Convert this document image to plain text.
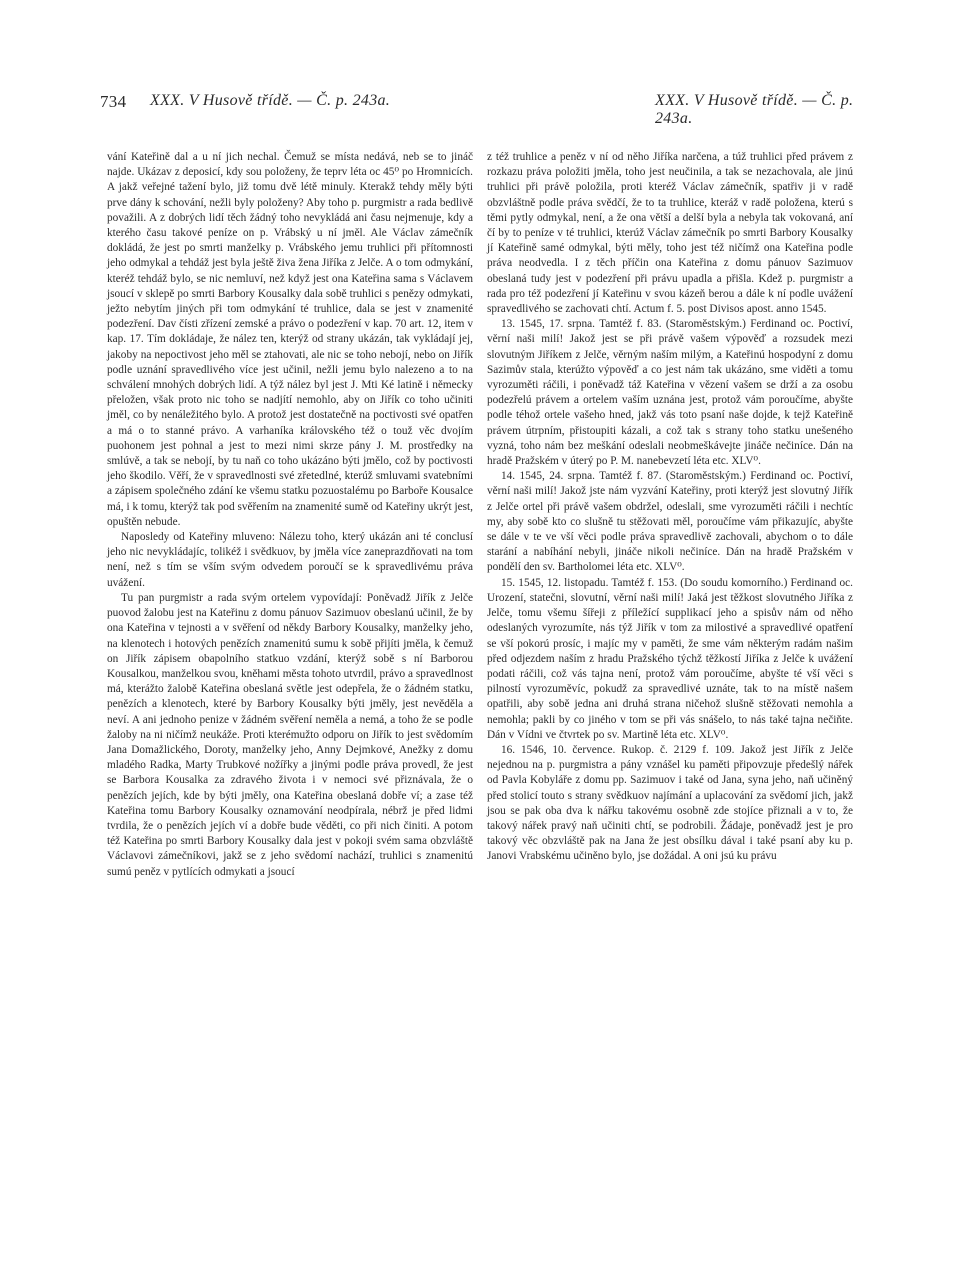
734 XXX. V Husově třídě. — Č. p. 243a.	XXX. V Husově třídě. — Č. p. 243a.

vání Kateřině dal a u ní jich nechal. Čemuž se místa nedává, neb se to jináč najde. Ukázav z deposicí, kdy sou položeny, že teprv léta oc 45⁰ po Hromnicích. A jakž veřejné tažení bylo, již tomu dvě létě minuly. Kterakž tehdy měly býti prve dány k schování, nežli byly položeny? Aby toho p. purgmistr a rada bedlivě považili. A z dobrých lidí těch žádný toho nevykládá ani času nejmenuje, kdy a kterého času takové peníze on p. Vrábský u ní jměl. Ale Václav zámečník dokládá, že jest po smrti manželky p. Vrábského jemu truhlici při přítomnosti jeho odmykal a tehdáž jest byla ještě živa žena Jiříka z Jelče. A o tom odmykání, kteréž tehdáž bylo, se nic nemluví, než když jest ona Kateřina sama s Václavem jsoucí v sklepě po smrti Barbory Kousalky dala sobě truhlici s penězy odmykati, ježto nebytím jiných při tom odmykání té truhlice, dala se jest v znamenité podezření. Dav čísti zřízení zemské a právo o podezření v kap. 70 art. 12, item v kap. 17. Tím dokládaje, že nález ten, kterýž od strany ukázán, tak vykládají jej, jakoby na nepoctivost jeho měl se ztahovati, ale nic se toho nebojí, nebo on Jiřík podle uznání spravedlivého více jest učinil, nežli jemu bylo nalezeno a to na schválení mnohých dobrých lidí. A týž nález byl jest J. Mti Ké latině i německy přeložen, však proto nic toho se nadjítí nemohlo, aby on Jiřík co toho učiniti jměl, co by nenáležitého bylo. A protož jest dostatečně na poctivosti své opatřen a má o to stanné právo. A varhaníka královského též o touž věc dvojím puohonem jest pohnal a jest to mezi nimi skrze pány J. M. prostředky na smlúvě, a tak se nebojí, by tu naň co toho ukázáno býti jmělo, což by poctivosti jeho škodilo. Věří, že v spravedlnosti své zřetedlné, kterúž smluvami svatebními a zápisem společného zdání ke všemu statku pozuostalému po Barboře Kousalce má, i k tomu, kterýž tak pod svěřením na znamenité sumě od Kateřiny ukrýt jest, opuštěn nebude.

Naposledy od Kateřiny mluveno: Nálezu toho, který ukázán ani té conclusí jeho nic nevykládajíc, tolikéž i svědkuov, by jměla více zaneprazdňovati na tom není, než s tím se vším svým odvedem poroučí se k spravedlivému práva uvážení.

Tu pan purgmistr a rada svým ortelem vypovídají: Poněvadž Jiřík z Jelče puovod žalobu jest na Kateřinu z domu pánuov Sazimuov obeslanú učinil, že by ona Kateřina v tejnosti a v svěření od někdy Barbory Kousalky, manželky jeho, na klenotech i hotových penězích znamenitú sumu k sobě přijíti jměla, k čemuž on Jiřík zápisem obapolního statkuo vzdání, kterýž sobě s ní Barborou Kousalkou, manželkou svou, kněhami města tohoto utvrdil, právo a spravedlnost má, kterážto žalobě Kateřina obeslaná světle jest odepřela, že o žádném statku, penězích a klenotech, které by Barbory Kousalky býti jměly, jest nevěděla a neví. A ani jednoho penize v žádném svěření neměla a nemá, a toho že se podle žaloby na ni ničímž neukáže. Proti kterémužto odporu on Jiřík to jest svědomím Jana Domažlického, Doroty, manželky jeho, Anny Dejmkové, Anežky z domu mladého Radka, Marty Trubkové nožířky a jinými podle práva provedl, že jest se Barbora Kousalka za zdravého života i v nemoci své přiznávala, že o penězích jejích, kde by býti jměly, ona Kateřina obeslaná dobře ví; a zase též Kateřina tomu Barbory Kousalky oznamování neodpírala, nébrž je před lidmi tvrdila, že o penězích jejích ví a dobře bude věděti, co při nich činiti. A potom též Kateřina po smrti Barbory Kousalky dala jest v pokoji svém sama obzvláště Václavovi zámečníkovi, jakž se z jeho svědomí nachází, truhlici s znamenitú sumú peněz v pytlících odmykati a jsoucí

z též truhlice a peněz v ní od něho Jiříka narčena, a túž truhlici před právem z rozkazu práva položiti jměla, toho jest neučinila, a tak se nezachovala, ale jinú truhlici při právě položila, proti kteréž Václav zámečník, spatřiv ji v radě obzvláštně podle práva svědčí, že to ta truhlice, kteráž v radě položena, kterú s těmi pytly odmykal, není, a že ona větší a delší byla a nebyla tak vokovaná, aní čí by to peníze v té truhlici, kterúž Václav zámečník po smrti Barbory Kousalky jí Kateřině samé odmykal, býti měly, toho jest též ničímž ona Kateřina podle práva neodvedla. I z těch příčin ona Kateřina z domu pánuov Sazimuov obeslaná tudy jest v podezření při právu upadla a přišla. Kdež p. purgmistr a rada pro též podezření jí Kateřinu v svou kázeň berou a dále k ní podle uvážení spravedlivého se zachovati chtí. Actum f. 5. post Divisos apost. anno 1545.

13. 1545, 17. srpna. Tamtéž f. 83. (Staroměstským.) Ferdinand oc. Poctiví, věrní naši milí! Jakož jest se při právě vašem výpověď a rozsudek mezi slovutným Jiříkem z Jelče, věrným naším milým, a Kateřinú hospodyní z domu Sazimův stala, kterúžto výpověď a co jest nám tak ukázáno, sme viděti a tomu vyrozuměti ráčili, i poněvadž táž Kateřina v vězení vašem se drží a za osobu podezřelú právem a ortelem vaším uznána jest, protož vám poroučíme, abyšte podle téhož ortele vašeho hned, jakž vás toto psaní naše dojde, k tejž Kateřině právem útrpním, přistoupiti kázali, a což tak s strany toho statku unešeného vyzná, toho nám bez meškání odeslali neobmeškávejte jináče nečiníce. Dán na hradě Pražském v úterý po P. M. nanebevzetí léta etc. XLV⁰.

14. 1545, 24. srpna. Tamtéž f. 87. (Staroměstským.) Ferdinand oc. Poctiví, věrní naši milí! Jakož jste nám vyzvání Kateřiny, proti kterýž jest slovutný Jiřík z Jelče ortel při právě vašem obdržel, odeslali, sme vyrozuměti ráčili i nechtíc my, aby sobě kto co slušně tu stěžovati měl, poroučíme vám přikazujíc, abyšte se dále v te ve vší věci podle práva spravedlivě zachovali, abychom o to dále starání a nabíhání nebyli, jináče nikoli nečiníce. Dán na hradě Pražském v pondělí den sv. Bartholomei léta etc. XLV⁰.

15. 1545, 12. listopadu. Tamtéž f. 153. (Do soudu komorního.) Ferdinand oc. Urození, statečni, slovutní, věrní naši milí! Jaká jest těžkost slovutného Jiříka z Jelče, tomu všemu šířeji z příležící supplikací jeho a spisův nám od něho odeslaných vyrozumíte, nás týž Jiřík v tom za milostivé a spravedlivé opatření se vší pokorú prosíc, i majíc my v paměti, že sme vám některým radám našim před odjezdem naším z hradu Pražského týchž těžkostí Jiříka z Jelče k uvážení podati ráčili, což vás tajna není, protož vám poroučíme, abyšte té vší věci s pilností vyrozuměvíc, pokudž za spravedlivé uznáte, tak to na místě našem opatřili, aby sobě jedna ani druhá strana ničehož slušně stěžovati nemohla a nemohla; pakli by co jiného v tom se při vás snášelo, to nás také tajna nečiňte. Dán v Vídni ve čtvrtek po sv. Martině léta etc. XLV⁰.

16. 1546, 10. července. Rukop. č. 2129 f. 109. Jakož jest Jiřík z Jelče nejednou na p. purgmistra a pány vznášel ku paměti připovzuje předešlý nářek od Pavla Kobyláře z domu pp. Sazimuov i také od Jana, syna jeho, naň učiněný před stolicí touto s strany svědkuov najímání a uplacování za svědomí jich, jakž jsou se pak oba dva k nářku takovému osobně zde stojíce přiznali a v to, že takový nářek pravý naň učiniti chtí, se podrobili. Žádaje, poněvadž jest je pro takový věc obzvláště pak na Jana že jest obsílku dával i také psaní aby ku p. Janovi Vrabskému učiněno bylo, jse dožádal. A oni jsú ku právu
